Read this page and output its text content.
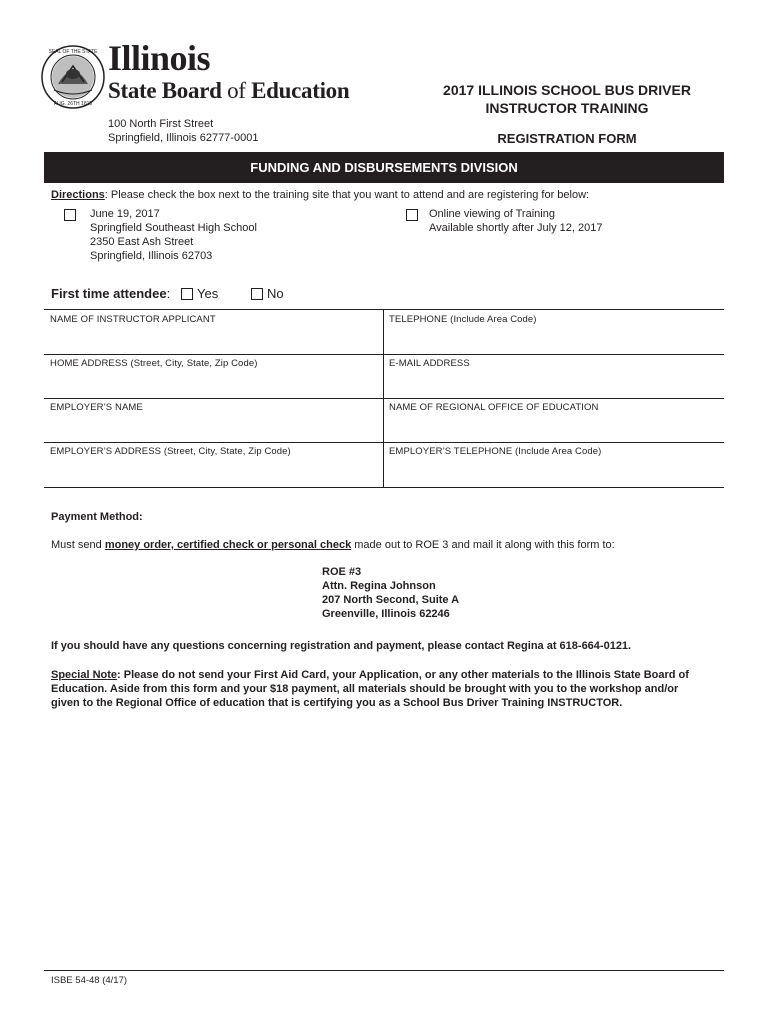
SEAL OF THE STATE
AUG. 26TH 1818
Illinois
State Board of Education
100 North First Street
Springfield, Illinois 62777-0001
2017 ILLINOIS SCHOOL BUS DRIVER
INSTRUCTOR TRAINING
REGISTRATION FORM
FUNDING AND DISBURSEMENTS DIVISION
Directions: Please check the box next to the training site that you want to attend and are registering for below:
June 19, 2017
Springfield Southeast High School
2350 East Ash Street
Springfield, Illinois 62703
Online viewing of Training
Available shortly after July 12, 2017
First time attendee: Yes	No
NAME OF INSTRUCTOR APPLICANT	TELEPHONE (Include Area Code)
HOME ADDRESS (Street, City, State, Zip Code)	E-MAIL ADDRESS
EMPLOYER’S NAME	NAME OF REGIONAL OFFICE OF EDUCATION
EMPLOYER’S ADDRESS (Street, City, State, Zip Code)	EMPLOYER’S TELEPHONE (Include Area Code)
Payment Method:
Must send money order, certified check or personal check made out to ROE 3 and mail it along with this form to:
ROE #3
Attn. Regina Johnson
207 North Second, Suite A
Greenville, Illinois 62246
If you should have any questions concerning registration and payment, please contact Regina at 618-664-0121.
Special Note: Please do not send your First Aid Card, your Application, or any other materials to the Illinois State Board of
Education. Aside from this form and your $18 payment, all materials should be brought with you to the workshop and/or
given to the Regional Office of education that is certifying you as a School Bus Driver Training INSTRUCTOR.
ISBE 54-48 (4/17)
